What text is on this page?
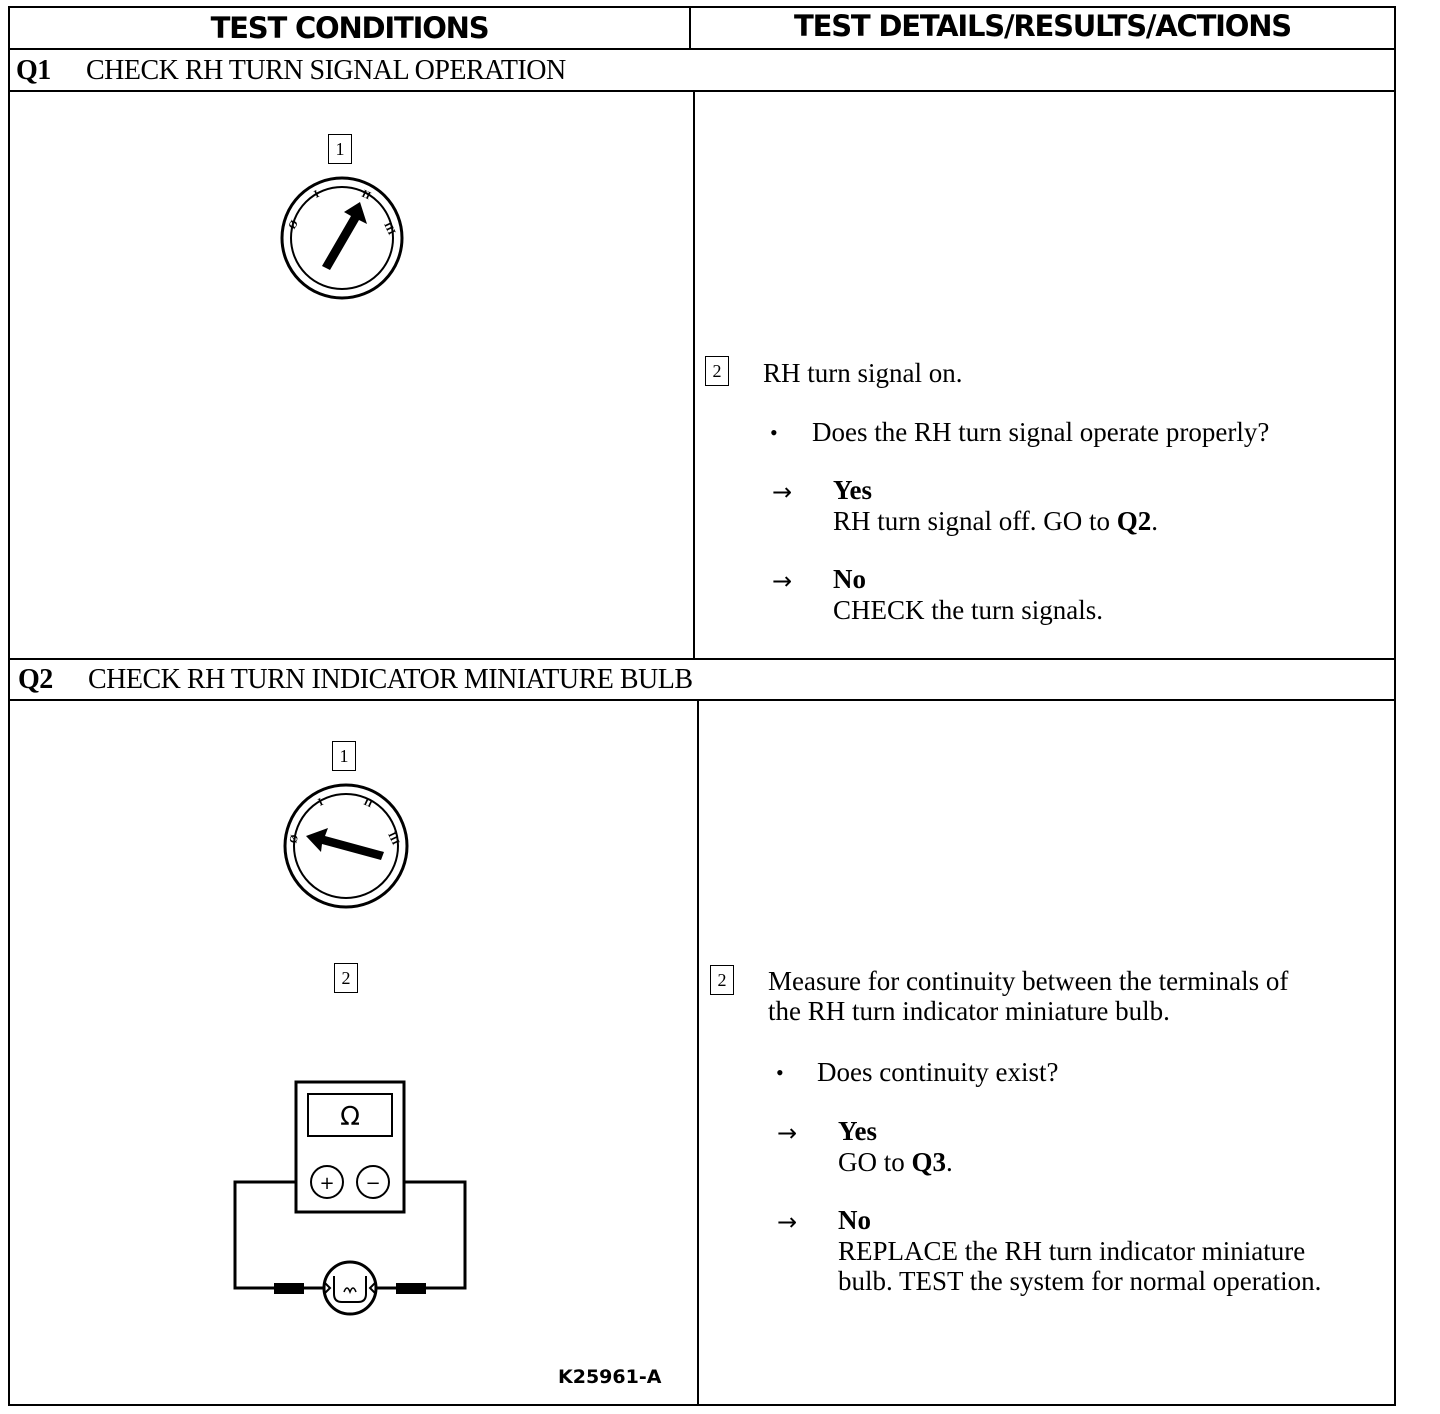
TEST CONDITIONS	TEST DETAILS/RESULTS/ACTIONS
Q1 CHECK RH TURN SIGNAL OPERATION
1
Ø
I	II
III
2 RH turn signal on.
• Does the RH turn signal operate properly?
→ Yes
RH turn signal off. GO to Q2.
→ No
CHECK the turn signals.
Q2 CHECK RH TURN INDICATOR MINIATURE BULB
1
Ø
I	II
III
2
Ω
+ −
K25961-A
2 Measure for continuity between the terminals of
the RH turn indicator miniature bulb.
• Does continuity exist?
→ Yes
GO to Q3.
→ No
REPLACE the RH turn indicator miniature
bulb. TEST the system for normal operation.
